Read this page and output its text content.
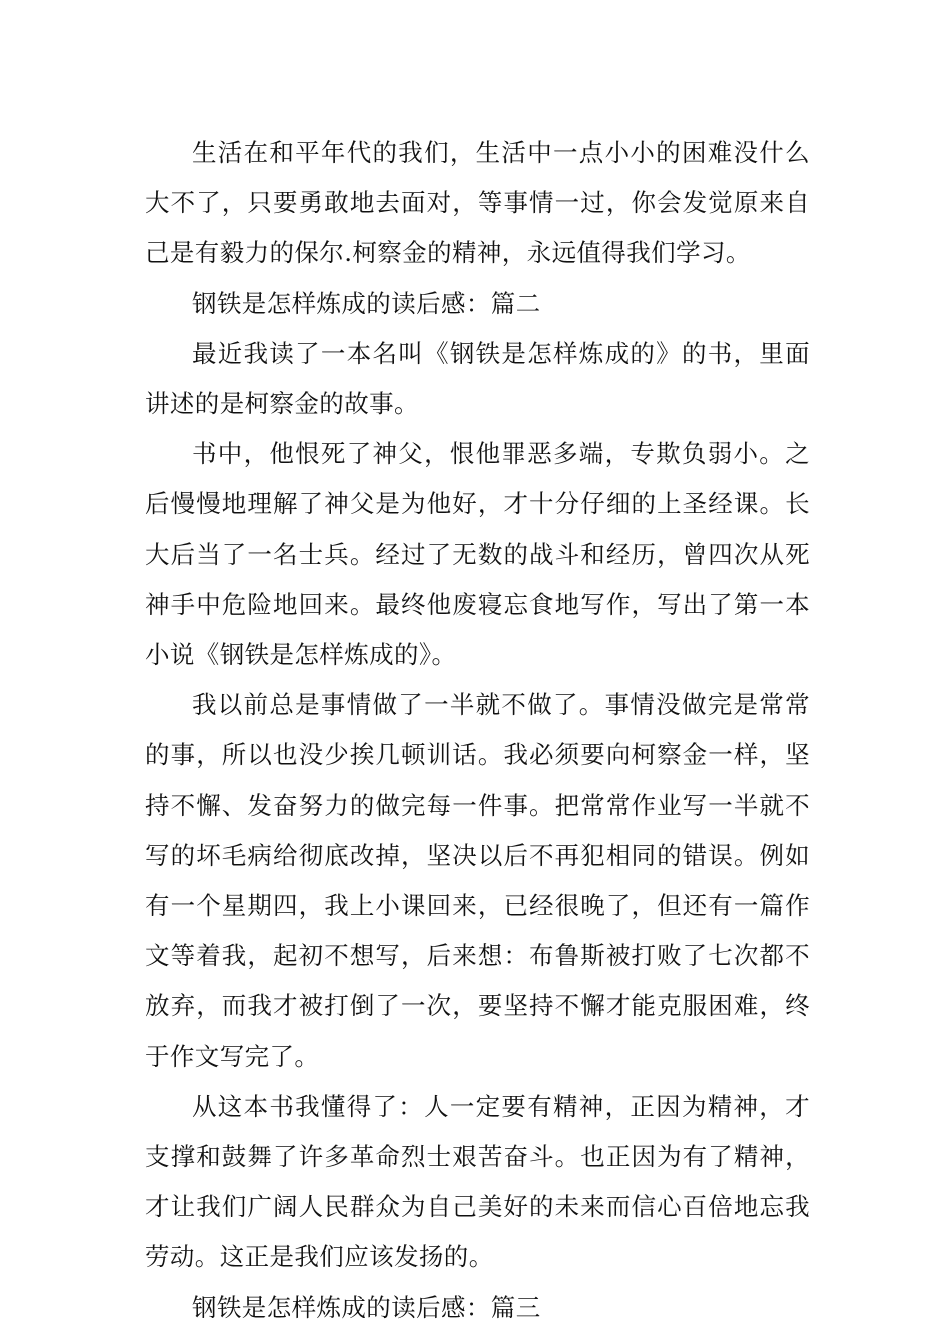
生活在和平年代的我们，生活中一点小小的困难没什么大不了，只要勇敢地去面对，等事情一过，你会发觉原来自己是有毅力的保尔.柯察金的精神，永远值得我们学习。

钢铁是怎样炼成的读后感：篇二

最近我读了一本名叫《钢铁是怎样炼成的》的书，里面讲述的是柯察金的故事。

书中，他恨死了神父，恨他罪恶多端，专欺负弱小。之后慢慢地理解了神父是为他好，才十分仔细的上圣经课。长大后当了一名士兵。经过了无数的战斗和经历，曾四次从死神手中危险地回来。最终他废寝忘食地写作，写出了第一本小说《钢铁是怎样炼成的》。

我以前总是事情做了一半就不做了。事情没做完是常常的事，所以也没少挨几顿训话。我必须要向柯察金一样，坚持不懈、发奋努力的做完每一件事。把常常作业写一半就不写的坏毛病给彻底改掉，坚决以后不再犯相同的错误。例如有一个星期四，我上小课回来，已经很晚了，但还有一篇作文等着我，起初不想写，后来想：布鲁斯被打败了七次都不放弃，而我才被打倒了一次，要坚持不懈才能克服困难，终于作文写完了。

从这本书我懂得了：人一定要有精神，正因为精神，才支撑和鼓舞了许多革命烈士艰苦奋斗。也正因为有了精神，才让我们广阔人民群众为自己美好的未来而信心百倍地忘我劳动。这正是我们应该发扬的。

钢铁是怎样炼成的读后感：篇三
